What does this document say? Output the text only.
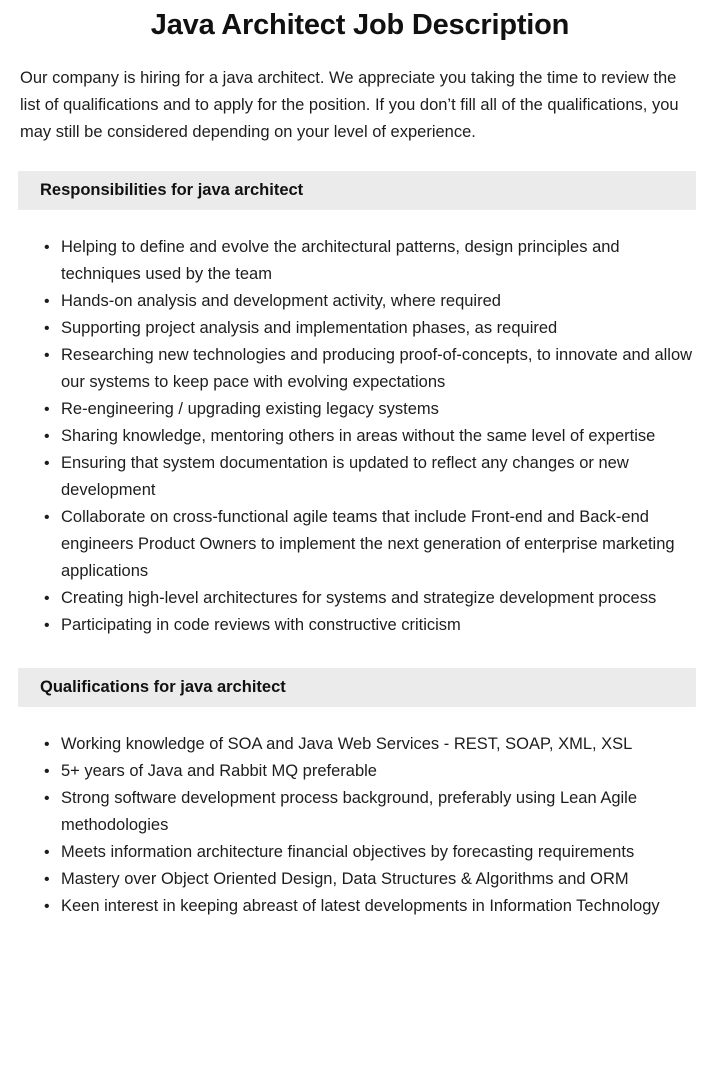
Java Architect Job Description

Our company is hiring for a java architect. We appreciate you taking the time to review the list of qualifications and to apply for the position. If you don’t fill all of the qualifications, you may still be considered depending on your level of experience.

Responsibilities for java architect
• Helping to define and evolve the architectural patterns, design principles and techniques used by the team
• Hands-on analysis and development activity, where required
• Supporting project analysis and implementation phases, as required
• Researching new technologies and producing proof-of-concepts, to innovate and allow our systems to keep pace with evolving expectations
• Re-engineering / upgrading existing legacy systems
• Sharing knowledge, mentoring others in areas without the same level of expertise
• Ensuring that system documentation is updated to reflect any changes or new development
• Collaborate on cross-functional agile teams that include Front-end and Back-end engineers Product Owners to implement the next generation of enterprise marketing applications
• Creating high-level architectures for systems and strategize development process
• Participating in code reviews with constructive criticism
Qualifications for java architect
• Working knowledge of SOA and Java Web Services - REST, SOAP, XML, XSL
• 5+ years of Java and Rabbit MQ preferable
• Strong software development process background, preferably using Lean Agile methodologies
• Meets information architecture financial objectives by forecasting requirements
• Mastery over Object Oriented Design, Data Structures & Algorithms and ORM
• Keen interest in keeping abreast of latest developments in Information Technology
